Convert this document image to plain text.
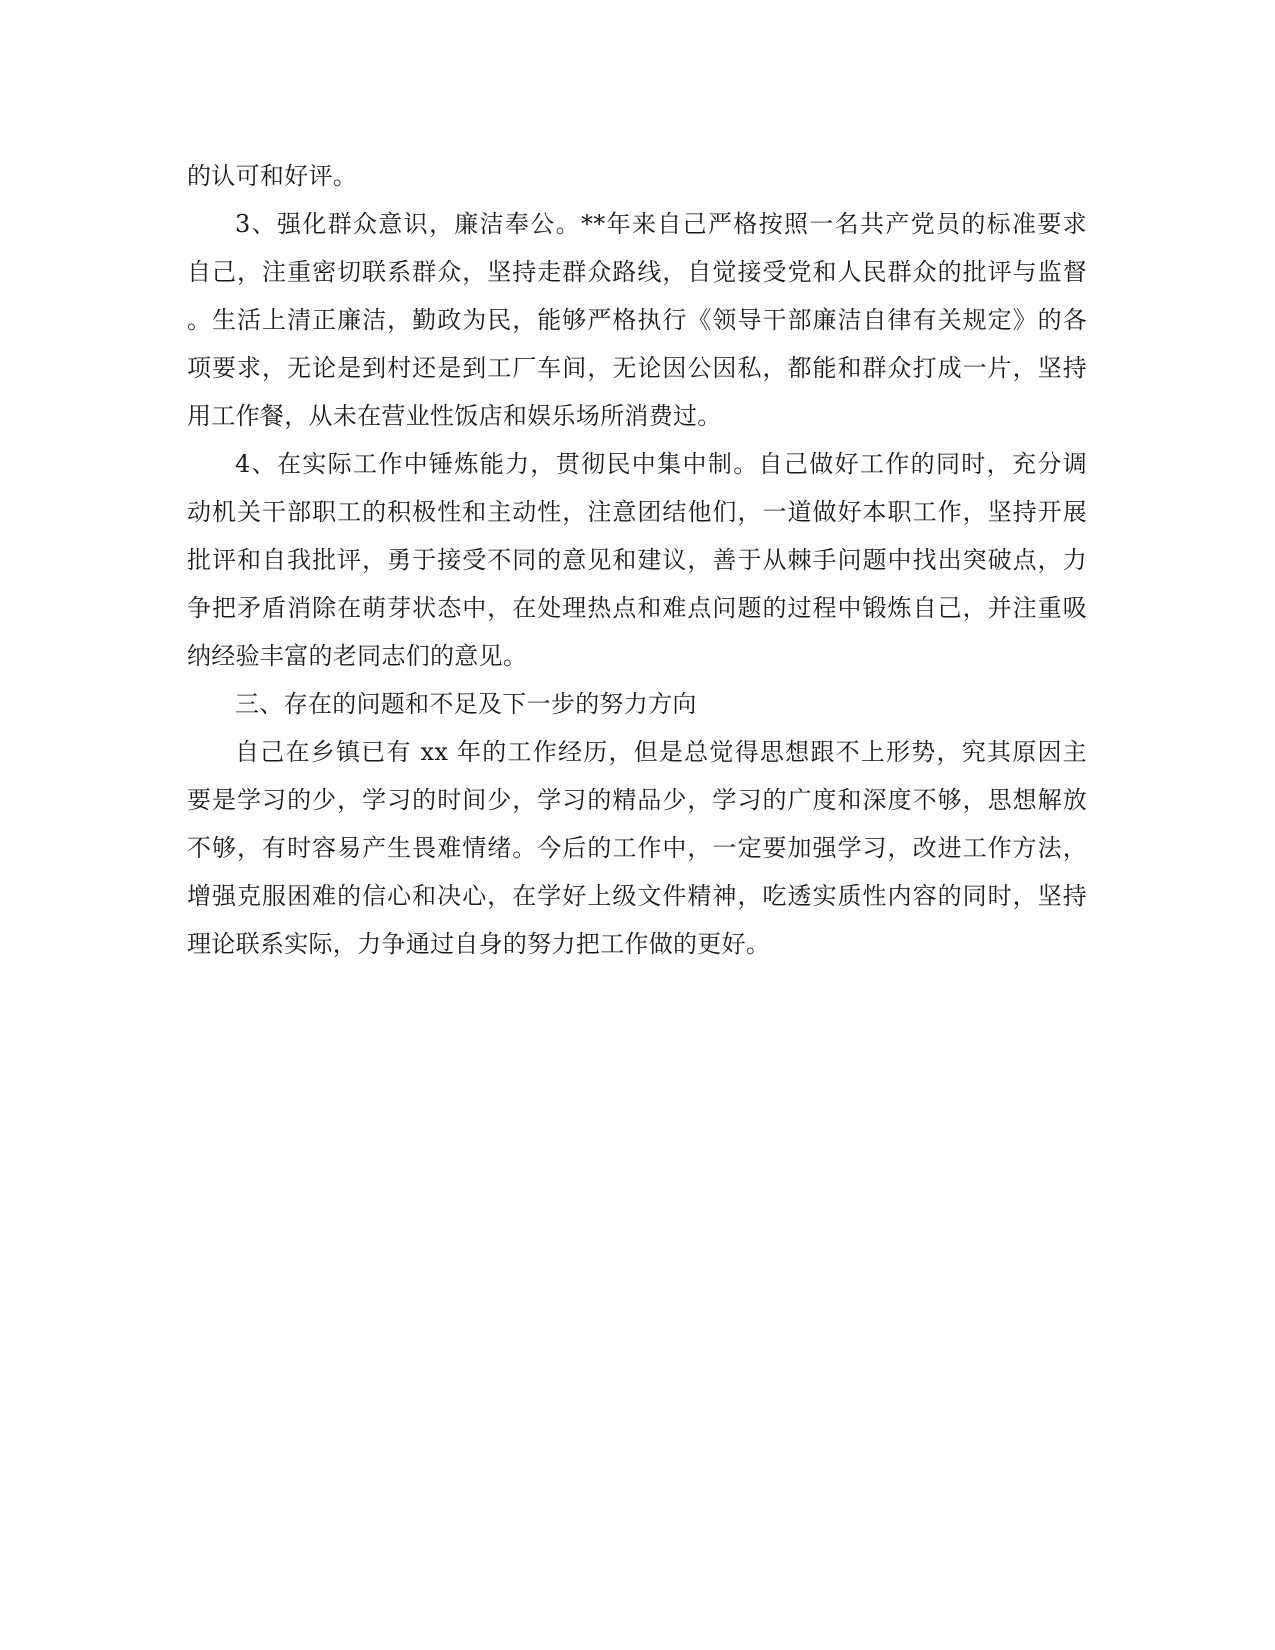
的认可和好评。

3、强化群众意识，廉洁奉公。**年来自己严格按照一名共产党员的标准要求
自己，注重密切联系群众，坚持走群众路线，自觉接受党和人民群众的批评与监督
。生活上清正廉洁，勤政为民，能够严格执行《领导干部廉洁自律有关规定》的各
项要求，无论是到村还是到工厂车间，无论因公因私，都能和群众打成一片，坚持
用工作餐，从未在营业性饭店和娱乐场所消费过。

4、在实际工作中锤炼能力，贯彻民中集中制。自己做好工作的同时，充分调
动机关干部职工的积极性和主动性，注意团结他们，一道做好本职工作，坚持开展
批评和自我批评，勇于接受不同的意见和建议，善于从棘手问题中找出突破点，力
争把矛盾消除在萌芽状态中，在处理热点和难点问题的过程中锻炼自己，并注重吸
纳经验丰富的老同志们的意见。

三、存在的问题和不足及下一步的努力方向

自己在乡镇已有 xx 年的工作经历，但是总觉得思想跟不上形势，究其原因主
要是学习的少，学习的时间少，学习的精品少，学习的广度和深度不够，思想解放
不够，有时容易产生畏难情绪。今后的工作中，一定要加强学习，改进工作方法，
增强克服困难的信心和决心，在学好上级文件精神，吃透实质性内容的同时，坚持
理论联系实际，力争通过自身的努力把工作做的更好。
